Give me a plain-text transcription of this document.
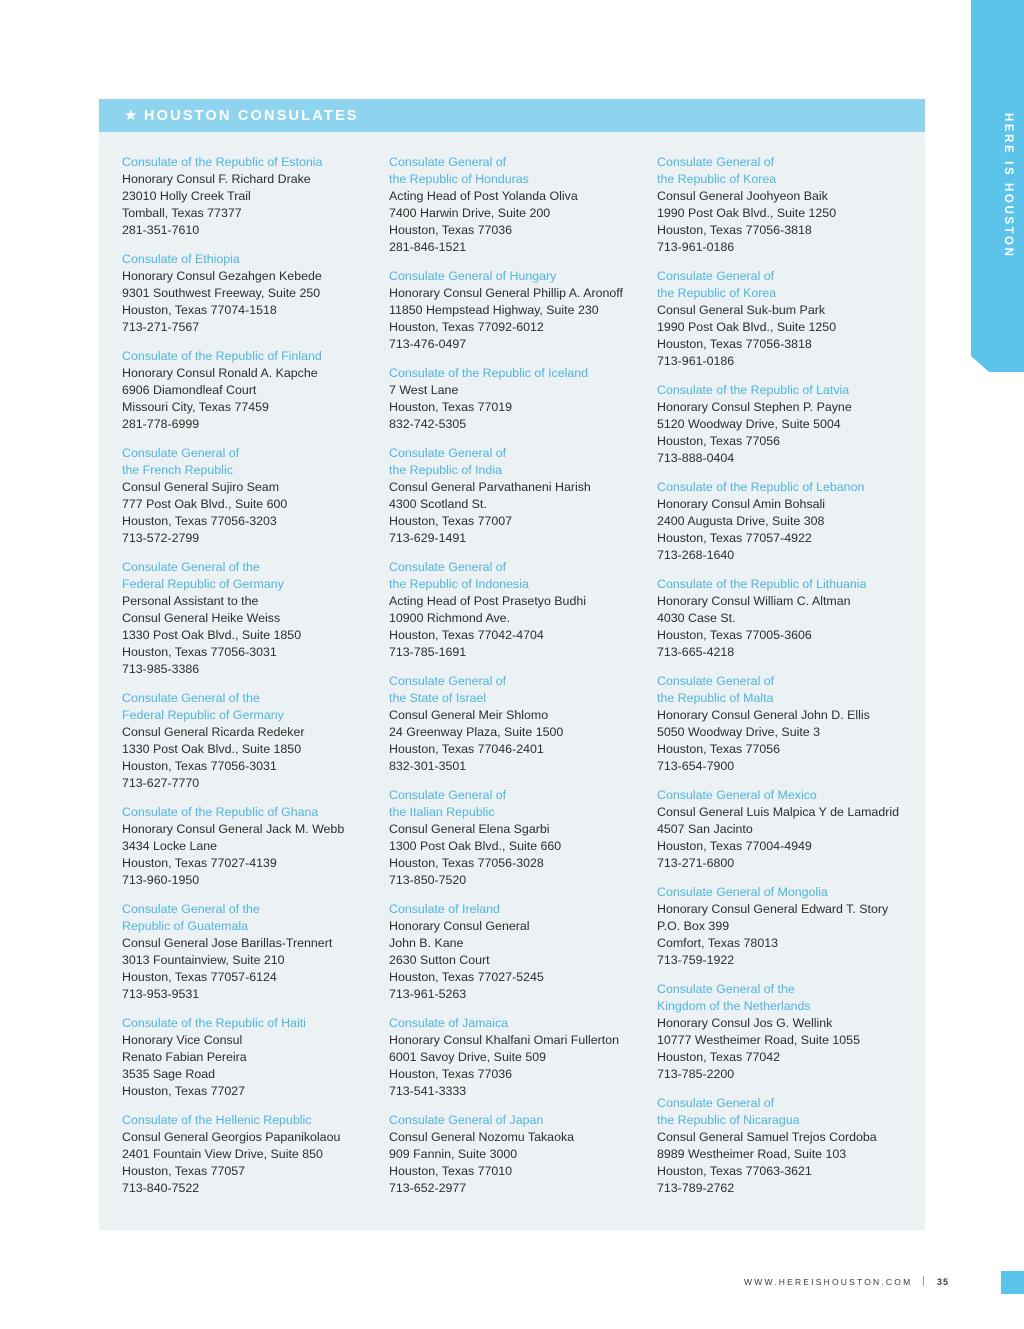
HERE IS HOUSTON
★ HOUSTON CONSULATES
Consulate of the Republic of Estonia
Honorary Consul F. Richard Drake
23010 Holly Creek Trail
Tomball, Texas 77377
281-351-7610
Consulate of Ethiopia
Honorary Consul Gezahgen Kebede
9301 Southwest Freeway, Suite 250
Houston, Texas 77074-1518
713-271-7567
Consulate of the Republic of Finland
Honorary Consul Ronald A. Kapche
6906 Diamondleaf Court
Missouri City, Texas 77459
281-778-6999
Consulate General of
the French Republic
Consul General Sujiro Seam
777 Post Oak Blvd., Suite 600
Houston, Texas 77056-3203
713-572-2799
Consulate General of the
Federal Republic of Germany
Personal Assistant to the
Consul General Heike Weiss
1330 Post Oak Blvd., Suite 1850
Houston, Texas 77056-3031
713-985-3386
Consulate General of the
Federal Republic of Germany
Consul General Ricarda Redeker
1330 Post Oak Blvd., Suite 1850
Houston, Texas 77056-3031
713-627-7770
Consulate of the Republic of Ghana
Honorary Consul General Jack M. Webb
3434 Locke Lane
Houston, Texas 77027-4139
713-960-1950
Consulate General of the
Republic of Guatemala
Consul General Jose Barillas-Trennert
3013 Fountainview, Suite 210
Houston, Texas 77057-6124
713-953-9531
Consulate of the Republic of Haiti
Honorary Vice Consul
Renato Fabian Pereira
3535 Sage Road
Houston, Texas 77027
Consulate of the Hellenic Republic
Consul General Georgios Papanikolaou
2401 Fountain View Drive, Suite 850
Houston, Texas 77057
713-840-7522
Consulate General of
the Republic of Honduras
Acting Head of Post Yolanda Oliva
7400 Harwin Drive, Suite 200
Houston, Texas 77036
281-846-1521
Consulate General of Hungary
Honorary Consul General Phillip A. Aronoff
11850 Hempstead Highway, Suite 230
Houston, Texas 77092-6012
713-476-0497
Consulate of the Republic of Iceland
7 West Lane
Houston, Texas 77019
832-742-5305
Consulate General of
the Republic of India
Consul General Parvathaneni Harish
4300 Scotland St.
Houston, Texas 77007
713-629-1491
Consulate General of
the Republic of Indonesia
Acting Head of Post Prasetyo Budhi
10900 Richmond Ave.
Houston, Texas 77042-4704
713-785-1691
Consulate General of
the State of Israel
Consul General Meir Shlomo
24 Greenway Plaza, Suite 1500
Houston, Texas 77046-2401
832-301-3501
Consulate General of
the Italian Republic
Consul General Elena Sgarbi
1300 Post Oak Blvd., Suite 660
Houston, Texas 77056-3028
713-850-7520
Consulate of Ireland
Honorary Consul General
John B. Kane
2630 Sutton Court
Houston, Texas 77027-5245
713-961-5263
Consulate of Jamaica
Honorary Consul Khalfani Omari Fullerton
6001 Savoy Drive, Suite 509
Houston, Texas 77036
713-541-3333
Consulate General of Japan
Consul General Nozomu Takaoka
909 Fannin, Suite 3000
Houston, Texas 77010
713-652-2977
Consulate General of
the Republic of Korea
Consul General Joohyeon Baik
1990 Post Oak Blvd., Suite 1250
Houston, Texas 77056-3818
713-961-0186
Consulate General of
the Republic of Korea
Consul General Suk-bum Park
1990 Post Oak Blvd., Suite 1250
Houston, Texas 77056-3818
713-961-0186
Consulate of the Republic of Latvia
Honorary Consul Stephen P. Payne
5120 Woodway Drive, Suite 5004
Houston, Texas 77056
713-888-0404
Consulate of the Republic of Lebanon
Honorary Consul Amin Bohsali
2400 Augusta Drive, Suite 308
Houston, Texas 77057-4922
713-268-1640
Consulate of the Republic of Lithuania
Honorary Consul William C. Altman
4030 Case St.
Houston, Texas 77005-3606
713-665-4218
Consulate General of
the Republic of Malta
Honorary Consul General John D. Ellis
5050 Woodway Drive, Suite 3
Houston, Texas 77056
713-654-7900
Consulate General of Mexico
Consul General Luis Malpica Y de Lamadrid
4507 San Jacinto
Houston, Texas 77004-4949
713-271-6800
Consulate General of Mongolia
Honorary Consul General Edward T. Story
P.O. Box 399
Comfort, Texas 78013
713-759-1922
Consulate General of the
Kingdom of the Netherlands
Honorary Consul Jos G. Wellink
10777 Westheimer Road, Suite 1055
Houston, Texas 77042
713-785-2200
Consulate General of
the Republic of Nicaragua
Consul General Samuel Trejos Cordoba
8989 Westheimer Road, Suite 103
Houston, Texas 77063-3621
713-789-2762
WWW.HEREISHOUSTON.COM	35
